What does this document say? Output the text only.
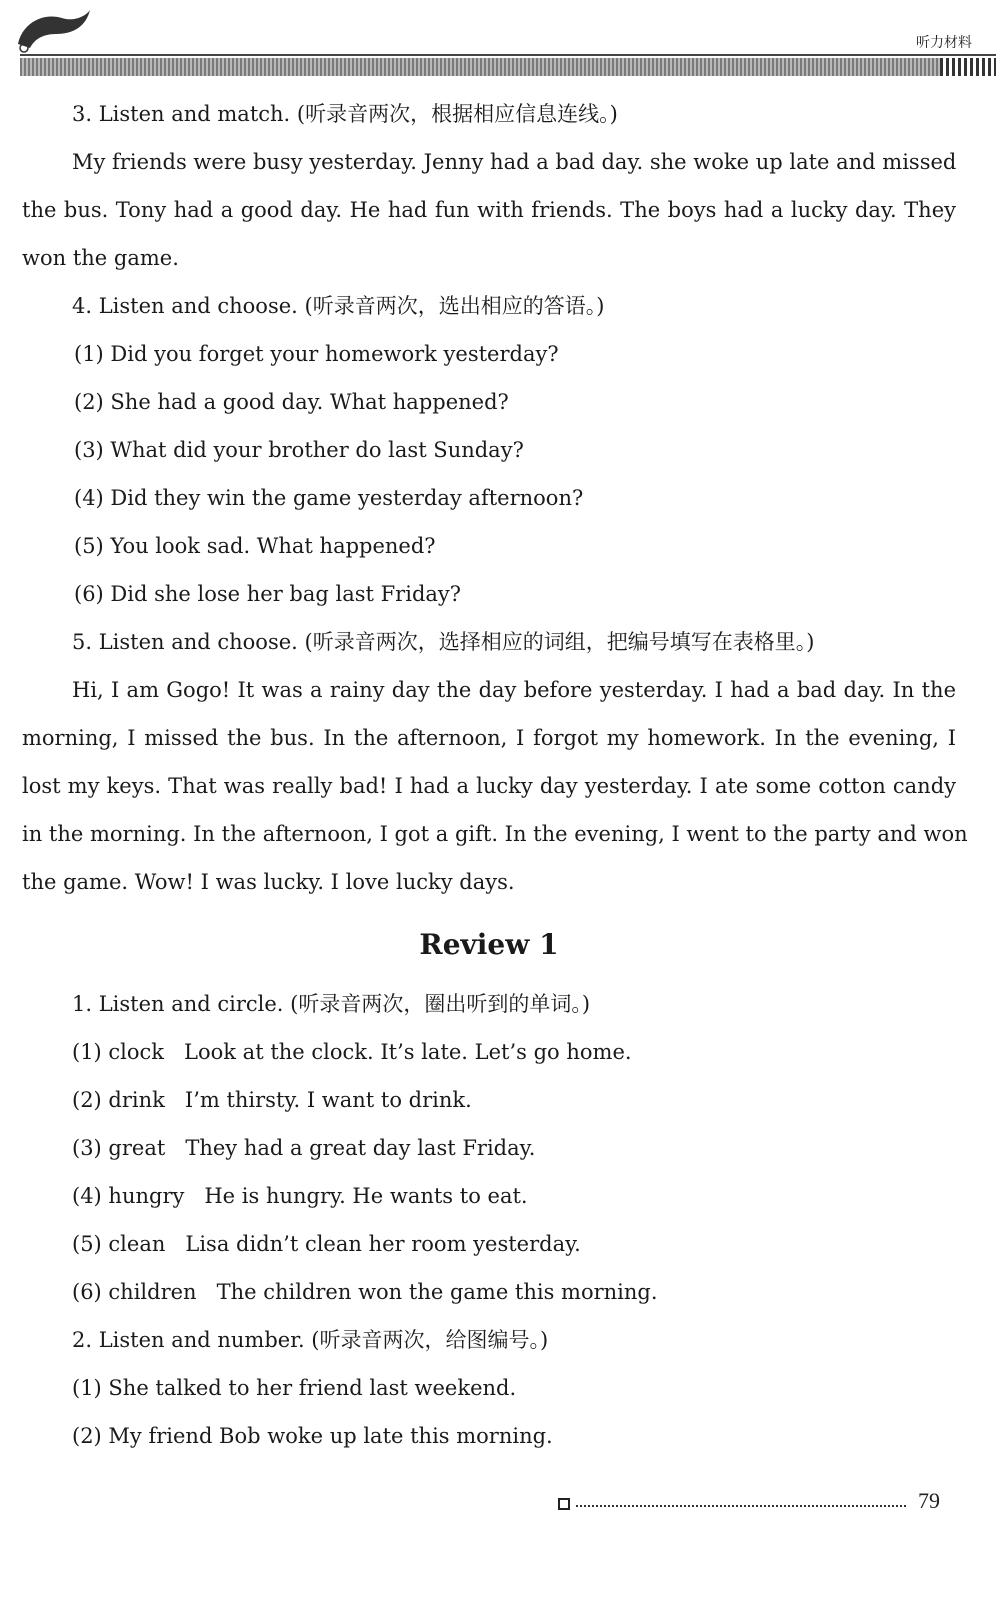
听力材料
3. Listen and match. (听录音两次，根据相应信息连线。)
My friends were busy yesterday. Jenny had a bad day. she woke up late and missed
the bus. Tony had a good day. He had fun with friends. The boys had a lucky day. They
won the game.
4. Listen and choose. (听录音两次，选出相应的答语。)
(1) Did you forget your homework yesterday?
(2) She had a good day. What happened?
(3) What did your brother do last Sunday?
(4) Did they win the game yesterday afternoon?
(5) You look sad. What happened?
(6) Did she lose her bag last Friday?
5. Listen and choose. (听录音两次，选择相应的词组，把编号填写在表格里。)
Hi, I am Gogo! It was a rainy day the day before yesterday. I had a bad day. In the
morning, I missed the bus. In the afternoon, I forgot my homework. In the evening, I
lost my keys. That was really bad! I had a lucky day yesterday. I ate some cotton candy
in the morning. In the afternoon, I got a gift. In the evening, I went to the party and won
the game. Wow! I was lucky. I love lucky days.
Review 1
1. Listen and circle. (听录音两次，圈出听到的单词。)
(1) clock   Look at the clock. It’s late. Let’s go home.
(2) drink   I’m thirsty. I want to drink.
(3) great   They had a great day last Friday.
(4) hungry   He is hungry. He wants to eat.
(5) clean   Lisa didn’t clean her room yesterday.
(6) children   The children won the game this morning.
2. Listen and number. (听录音两次，给图编号。)
(1) She talked to her friend last weekend.
(2) My friend Bob woke up late this morning.
79
